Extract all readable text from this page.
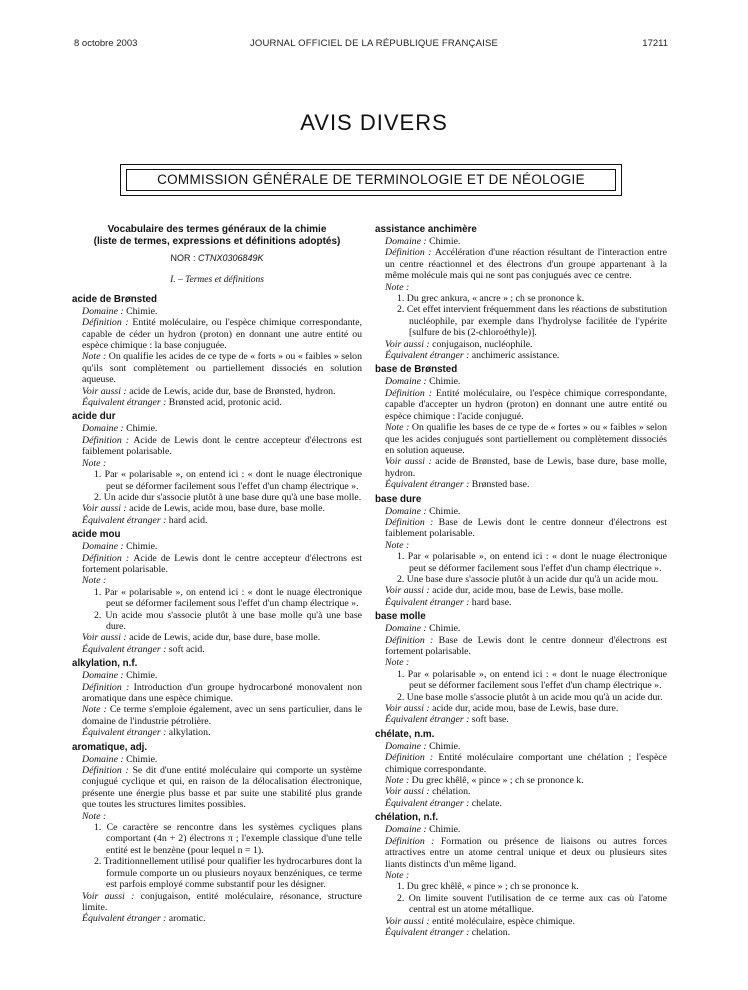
8 octobre 2003	JOURNAL OFFICIEL DE LA RÉPUBLIQUE FRANÇAISE	17211
AVIS DIVERS
COMMISSION GÉNÉRALE DE TERMINOLOGIE ET DE NÉOLOGIE
Vocabulaire des termes généraux de la chimie
(liste de termes, expressions et définitions adoptés)
NOR : CTNX0306849K
I. – Termes et définitions
acide de Brønsted
Domaine : Chimie.
Définition : Entité moléculaire, ou l'espèce chimique correspondante, capable de céder un hydron (proton) en donnant une autre entité ou espèce chimique : la base conjuguée.
Note : On qualifie les acides de ce type de « forts » ou « faibles » selon qu'ils sont complètement ou partiellement dissociés en solution aqueuse.
Voir aussi : acide de Lewis, acide dur, base de Brønsted, hydron.
Équivalent étranger : Brønsted acid, protonic acid.
acide dur
Domaine : Chimie.
Définition : Acide de Lewis dont le centre accepteur d'électrons est faiblement polarisable.
Note :
1. Par « polarisable », on entend ici : « dont le nuage électronique peut se déformer facilement sous l'effet d'un champ électrique ».
2. Un acide dur s'associe plutôt à une base dure qu'à une base molle.
Voir aussi : acide de Lewis, acide mou, base dure, base molle.
Équivalent étranger : hard acid.
acide mou
Domaine : Chimie.
Définition : Acide de Lewis dont le centre accepteur d'électrons est fortement polarisable.
Note :
1. Par « polarisable », on entend ici : « dont le nuage électronique peut se déformer facilement sous l'effet d'un champ électrique ».
2. Un acide mou s'associe plutôt à une base molle qu'à une base dure.
Voir aussi : acide de Lewis, acide dur, base dure, base molle.
Équivalent étranger : soft acid.
alkylation, n.f.
Domaine : Chimie.
Définition : Introduction d'un groupe hydrocarboné monovalent non aromatique dans une espèce chimique.
Note : Ce terme s'emploie également, avec un sens particulier, dans le domaine de l'industrie pétrolière.
Équivalent étranger : alkylation.
aromatique, adj.
Domaine : Chimie.
Définition : Se dit d'une entité moléculaire qui comporte un système conjugué cyclique et qui, en raison de la délocalisation électronique, présente une énergie plus basse et par suite une stabilité plus grande que toutes les structures limites possibles.
Note :
1. Ce caractère se rencontre dans les systèmes cycliques plans comportant (4n + 2) électrons π ; l'exemple classique d'une telle entité est le benzène (pour lequel n = 1).
2. Traditionnellement utilisé pour qualifier les hydrocarbures dont la formule comporte un ou plusieurs noyaux benzéniques, ce terme est parfois employé comme substantif pour les désigner.
Voir aussi : conjugaison, entité moléculaire, résonance, structure limite.
Équivalent étranger : aromatic.
assistance anchimère
Domaine : Chimie.
Définition : Accélération d'une réaction résultant de l'interaction entre un centre réactionnel et des électrons d'un groupe appartenant à la même molécule mais qui ne sont pas conjugués avec ce centre.
Note :
1. Du grec ankura, « ancre » ; ch se prononce k.
2. Cet effet intervient fréquemment dans les réactions de substitution nucléophile, par exemple dans l'hydrolyse facilitée de l'ypérite [sulfure de bis (2-chloroéthyle)].
Voir aussi : conjugaison, nucléophile.
Équivalent étranger : anchimeric assistance.
base de Brønsted
Domaine : Chimie.
Définition : Entité moléculaire, ou l'espèce chimique correspondante, capable d'accepter un hydron (proton) en donnant une autre entité ou espèce chimique : l'acide conjugué.
Note : On qualifie les bases de ce type de « fortes » ou « faibles » selon que les acides conjugués sont partiellement ou complètement dissociés en solution aqueuse.
Voir aussi : acide de Brønsted, base de Lewis, base dure, base molle, hydron.
Équivalent étranger : Brønsted base.
base dure
Domaine : Chimie.
Définition : Base de Lewis dont le centre donneur d'électrons est faiblement polarisable.
Note :
1. Par « polarisable », on entend ici : « dont le nuage électronique peut se déformer facilement sous l'effet d'un champ électrique ».
2. Une base dure s'associe plutôt à un acide dur qu'à un acide mou.
Voir aussi : acide dur, acide mou, base de Lewis, base molle.
Équivalent étranger : hard base.
base molle
Domaine : Chimie.
Définition : Base de Lewis dont le centre donneur d'électrons est fortement polarisable.
Note :
1. Par « polarisable », on entend ici : « dont le nuage électronique peut se déformer facilement sous l'effet d'un champ électrique ».
2. Une base molle s'associe plutôt à un acide mou qu'à un acide dur.
Voir aussi : acide dur, acide mou, base de Lewis, base dure.
Équivalent étranger : soft base.
chélate, n.m.
Domaine : Chimie.
Définition : Entité moléculaire comportant une chélation ; l'espèce chimique correspondante.
Note : Du grec khêlê, « pince » ; ch se prononce k.
Voir aussi : chélation.
Équivalent étranger : chelate.
chélation, n.f.
Domaine : Chimie.
Définition : Formation ou présence de liaisons ou autres forces attractives entre un atome central unique et deux ou plusieurs sites liants distincts d'un même ligand.
Note :
1. Du grec khêlê, « pince » ; ch se prononce k.
2. On limite souvent l'utilisation de ce terme aux cas où l'atome central est un atome métallique.
Voir aussi : entité moléculaire, espèce chimique.
Équivalent étranger : chelation.
